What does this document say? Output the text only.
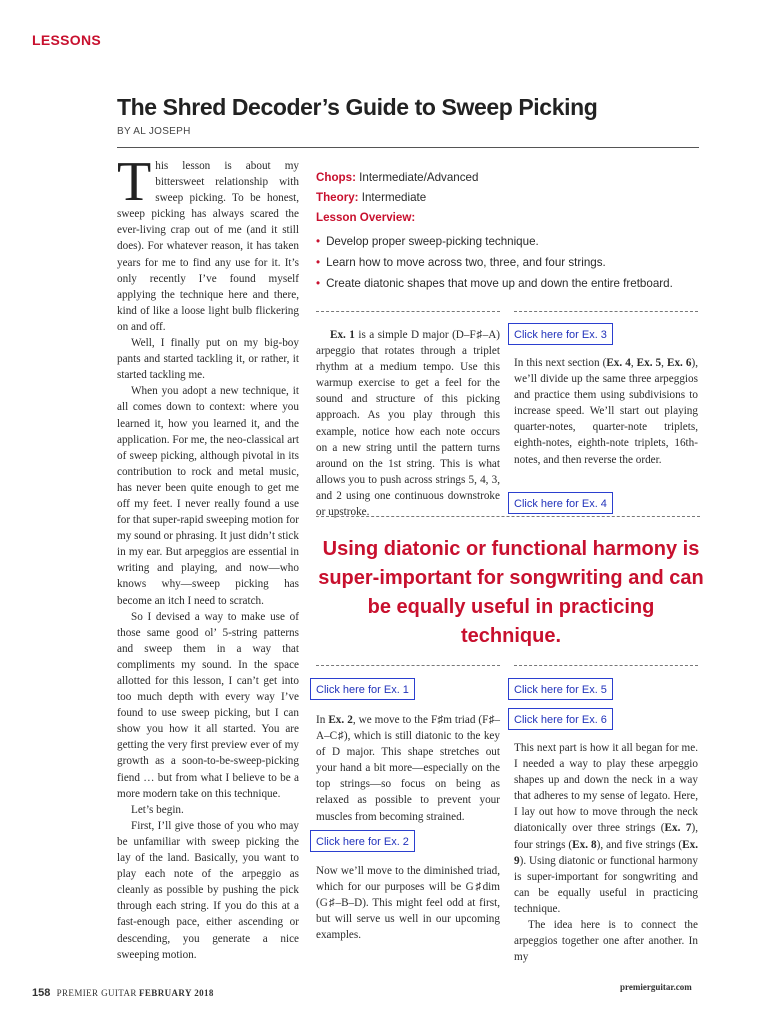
LESSONS
The Shred Decoder’s Guide to Sweep Picking
BY AL JOSEPH

This lesson is about my bittersweet relationship with sweep picking. To be honest, sweep picking has always scared the ever-living crap out of me (and it still does). For whatever reason, it has taken years for me to find any use for it. It’s only recently I’ve found myself applying the technique here and there, kind of like a loose light bulb flickering on and off.

Well, I finally put on my big-boy pants and started tackling it, or rather, it started tackling me.

When you adopt a new technique, it all comes down to context: where you learned it, how you learned it, and the application. For me, the neo-classical art of sweep picking, although pivotal in its contribution to rock and metal music, has never been quite enough to get me off my feet. I never really found a use for that super-rapid sweeping motion for my sound or phrasing. It just didn’t stick in my ear. But arpeggios are essential in writing and playing, and now—who knows why—sweep picking has become an itch I need to scratch.

So I devised a way to make use of those same good ol’ 5-string patterns and sweep them in a way that compliments my sound. In the space allotted for this lesson, I can’t get into too much depth with every way I’ve found to use sweep picking, but I can show you how it all started. You are getting the very first preview ever of my growth as a soon-to-be-sweep-picking fiend … but from what I believe to be a more modern take on this technique.

Let’s begin.

First, I’ll give those of you who may be unfamiliar with sweep picking the lay of the land. Basically, you want to play each note of the arpeggio as cleanly as possible by pushing the pick through each string. If you do this at a fast-enough pace, either ascending or descending, you generate a nice sweeping motion.

Chops: Intermediate/Advanced
Theory: Intermediate
Lesson Overview:
• Develop proper sweep-picking technique.
• Learn how to move across two, three, and four strings.
• Create diatonic shapes that move up and down the entire fretboard.

Ex. 1 is a simple D major (D–F♯–A) arpeggio that rotates through a triplet rhythm at a medium tempo. Use this warmup exercise to get a feel for the sound and structure of this picking approach. As you play through this example, notice how each note occurs on a new string until the pattern turns around on the 1st string. This is what allows you to push across strings 5, 4, 3, and 2 using one continuous downstroke or upstroke.

In Ex. 2, we move to the F♯m triad (F♯–A–C♯), which is still diatonic to the key of D major. This shape stretches out your hand a bit more—especially on the top strings—so focus on being as relaxed as possible to prevent your muscles from becoming strained.

Now we’ll move to the diminished triad, which for our purposes will be G♯dim (G♯–B–D). This might feel odd at first, but will serve us well in our upcoming examples.

In this next section (Ex. 4, Ex. 5, Ex. 6), we’ll divide up the same three arpeggios and practice them using subdivisions to increase speed. We’ll start out playing quarter-notes, quarter-note triplets, eighth-notes, eighth-note triplets, 16th-notes, and then reverse the order.

This next part is how it all began for me. I needed a way to play these arpeggio shapes up and down the neck in a way that adheres to my sense of legato. Here, I lay out how to move through the neck diatonically over three strings (Ex. 7), four strings (Ex. 8), and five strings (Ex. 9). Using diatonic or functional harmony is super-important for songwriting and can be equally useful in practicing technique.

The idea here is to connect the arpeggios together one after another. In my

Using diatonic or functional harmony is super-important for songwriting and can be equally useful in practicing technique.
Click here for Ex. 3
Click here for Ex. 4
Click here for Ex. 1	Click here for Ex. 5
Click here for Ex. 6
Click here for Ex. 2
158 PREMIER GUITAR FEBRUARY 2018
premierguitar.com
